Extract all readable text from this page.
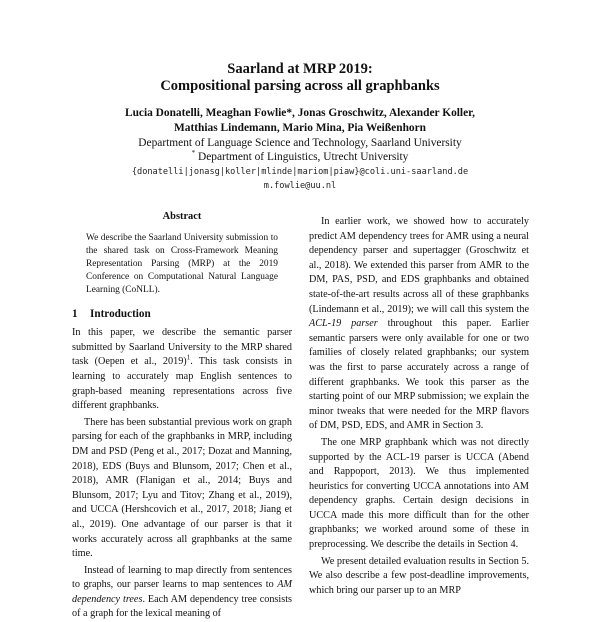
Saarland at MRP 2019:
Compositional parsing across all graphbanks
Lucia Donatelli, Meaghan Fowlie*, Jonas Groschwitz, Alexander Koller,
Matthias Lindemann, Mario Mina, Pia Weißenhorn
Department of Language Science and Technology, Saarland University
* Department of Linguistics, Utrecht University
{donatelli|jonasg|koller|mlinde|mariom|piaw}@coli.uni-saarland.de
m.fowlie@uu.nl
Abstract

We describe the Saarland University submission to the shared task on Cross-Framework Meaning Representation Parsing (MRP) at the 2019 Conference on Computational Natural Language Learning (CoNLL).

1 Introduction

In this paper, we describe the semantic parser submitted by Saarland University to the MRP shared task (Oepen et al., 2019)$^1$. This task consists in learning to accurately map English sentences to graph-based meaning representations across five different graphbanks.

There has been substantial previous work on graph parsing for each of the graphbanks in MRP, including DM and PSD (Peng et al., 2017; Dozat and Manning, 2018), EDS (Buys and Blunsom, 2017; Chen et al., 2018), AMR (Flanigan et al., 2014; Buys and Blunsom, 2017; Lyu and Titov; Zhang et al., 2019), and UCCA (Hershcovich et al., 2017, 2018; Jiang et al., 2019). One advantage of our parser is that it works accurately across all graphbanks at the same time.

Instead of learning to map directly from sentences to graphs, our parser learns to map sentences to AM dependency trees. Each AM dependency tree consists of a graph for the lexical meaning of

In earlier work, we showed how to accurately predict AM dependency trees for AMR using a neural dependency parser and supertagger (Groschwitz et al., 2018). We extended this parser from AMR to the DM, PAS, PSD, and EDS graphbanks and obtained state-of-the-art results across all of these graphbanks (Lindemann et al., 2019); we will call this system the ACL-19 parser throughout this paper. Earlier semantic parsers were only available for one or two families of closely related graphbanks; our system was the first to parse accurately across a range of different graphbanks. We took this parser as the starting point of our MRP submission; we explain the minor tweaks that were needed for the MRP flavors of DM, PSD, EDS, and AMR in Section 3.

The one MRP graphbank which was not directly supported by the ACL-19 parser is UCCA (Abend and Rappoport, 2013). We thus implemented heuristics for converting UCCA annotations into AM dependency graphs. Certain design decisions in UCCA made this more difficult than for the other graphbanks; we worked around some of these in preprocessing. We describe the details in Section 4.

We present detailed evaluation results in Section 5. We also describe a few post-deadline improvements, which bring our parser up to an MRP
